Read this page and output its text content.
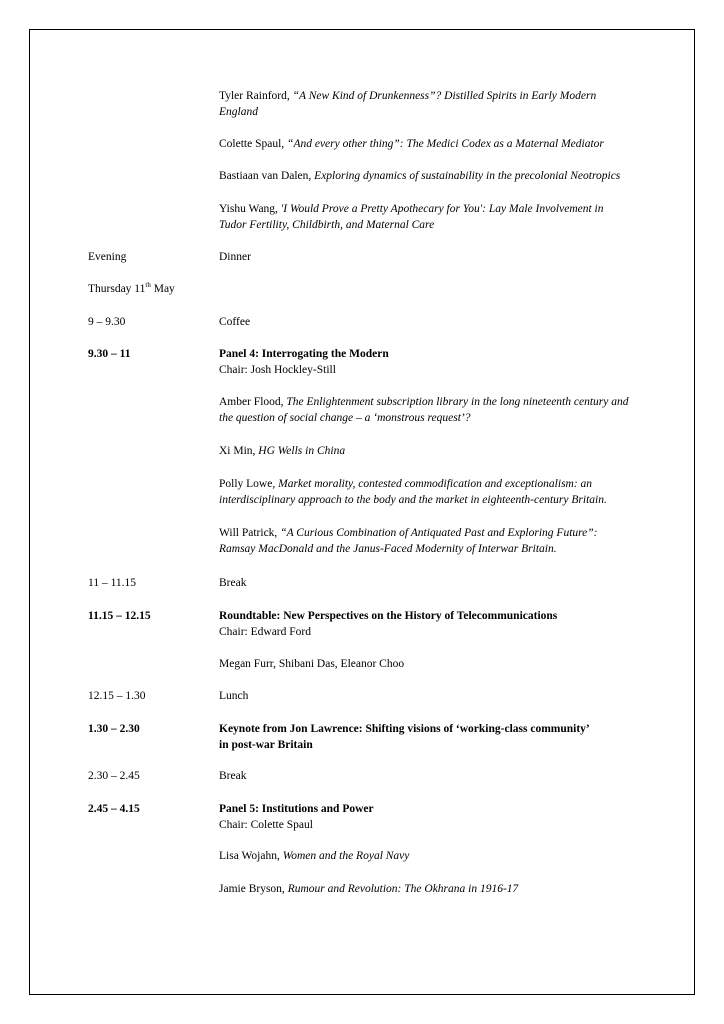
Tyler Rainford, “A New Kind of Drunkenness”? Distilled Spirits in Early Modern England
Colette Spaul, “And every other thing”: The Medici Codex as a Maternal Mediator
Bastiaan van Dalen, Exploring dynamics of sustainability in the precolonial Neotropics
Yishu Wang, 'I Would Prove a Pretty Apothecary for You': Lay Male Involvement in Tudor Fertility, Childbirth, and Maternal Care
Evening	Dinner
Thursday 11th May
9 – 9.30	Coffee
9.30 – 11	Panel 4: Interrogating the Modern
Chair: Josh Hockley-Still
Amber Flood, The Enlightenment subscription library in the long nineteenth century and the question of social change – a ‘monstrous request’?
Xi Min, HG Wells in China
Polly Lowe, Market morality, contested commodification and exceptionalism: an interdisciplinary approach to the body and the market in eighteenth-century Britain.
Will Patrick, “A Curious Combination of Antiquated Past and Exploring Future”: Ramsay MacDonald and the Janus-Faced Modernity of Interwar Britain.
11 – 11.15	Break
11.15 – 12.15	Roundtable: New Perspectives on the History of Telecommunications
Chair: Edward Ford
Megan Furr, Shibani Das, Eleanor Choo
12.15 – 1.30	Lunch
1.30 – 2.30	Keynote from Jon Lawrence: Shifting visions of ‘working-class community’ in post-war Britain
2.30 – 2.45	Break
2.45 – 4.15	Panel 5: Institutions and Power
Chair: Colette Spaul
Lisa Wojahn, Women and the Royal Navy
Jamie Bryson, Rumour and Revolution: The Okhrana in 1916-17
